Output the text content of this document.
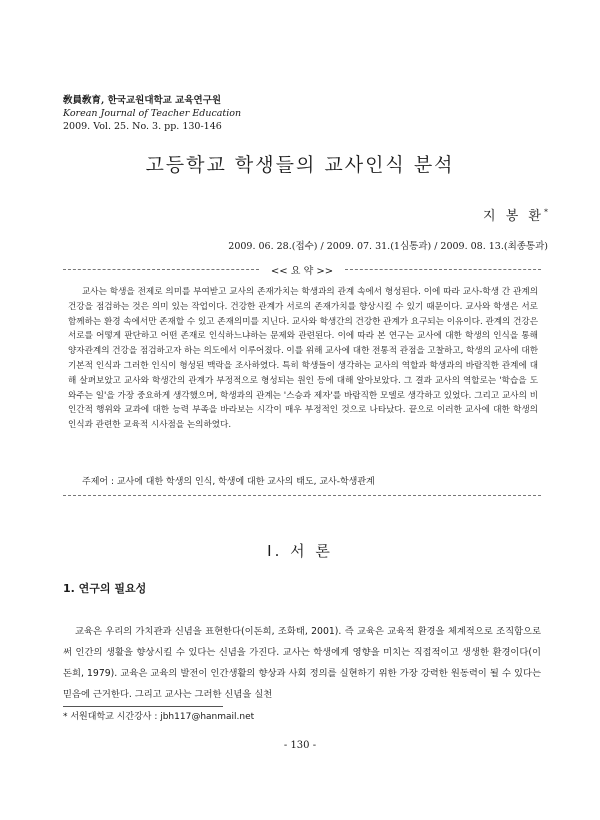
敎員敎育, 한국교원대학교 교육연구원
Korean Journal of Teacher Education
2009. Vol. 25. No. 3. pp. 130-146
고등학교 학생들의 교사인식 분석
지 봉 환*
2009. 06. 28.(접수) / 2009. 07. 31.(1심통과) / 2009. 08. 13.(최종통과)
<< 요 약 >>
교사는 학생을 전제로 의미를 부여받고 교사의 존재가치는 학생과의 관계 속에서 형성된다. 이에 따라 교사-학생 간 관계의 건강을 점검하는 것은 의미 있는 작업이다. 건강한 관계가 서로의 존재가치를 향상시킬 수 있기 때문이다. 교사와 학생은 서로 함께하는 환경 속에서만 존재할 수 있고 존재의미를 지닌다. 교사와 학생간의 건강한 관계가 요구되는 이유이다. 관계의 건강은 서로를 어떻게 판단하고 어떤 존재로 인식하느냐하는 문제와 관련된다. 이에 따라 본 연구는 교사에 대한 학생의 인식을 통해 양자관계의 건강을 점검하고자 하는 의도에서 이루어졌다. 이를 위해 교사에 대한 전통적 관점을 고찰하고, 학생의 교사에 대한 기본적 인식과 그러한 인식이 형성된 맥락을 조사하였다. 특히 학생들이 생각하는 교사의 역할과 학생과의 바람직한 관계에 대해 살펴보았고 교사와 학생간의 관계가 부정적으로 형성되는 원인 등에 대해 알아보았다. 그 결과 교사의 역할로는 '학습을 도와주는 일'을 가장 중요하게 생각했으며, 학생과의 관계는 '스승과 제자'를 바람직한 모델로 생각하고 있었다. 그리고 교사의 비인간적 행위와 교과에 대한 능력 부족을 바라보는 시각이 매우 부정적인 것으로 나타났다. 끝으로 이러한 교사에 대한 학생의 인식과 관련한 교육적 시사점을 논의하였다.
주제어 : 교사에 대한 학생의 인식, 학생에 대한 교사의 태도, 교사-학생관계
Ⅰ. 서 론
1. 연구의 필요성
교육은 우리의 가치관과 신념을 표현한다(이돈희, 조화태, 2001). 즉 교육은 교육적 환경을 체계적으로 조직함으로써 인간의 생활을 향상시킬 수 있다는 신념을 가진다. 교사는 학생에게 영향을 미치는 직접적이고 생생한 환경이다(이돈희, 1979). 교육은 교육의 발전이 인간생활의 향상과 사회 정의를 실현하기 위한 가장 강력한 원동력이 될 수 있다는 믿음에 근거한다. 그리고 교사는 그러한 신념을 실천
* 서원대학교 시간강사 : jbh117@hanmail.net
- 130 -
